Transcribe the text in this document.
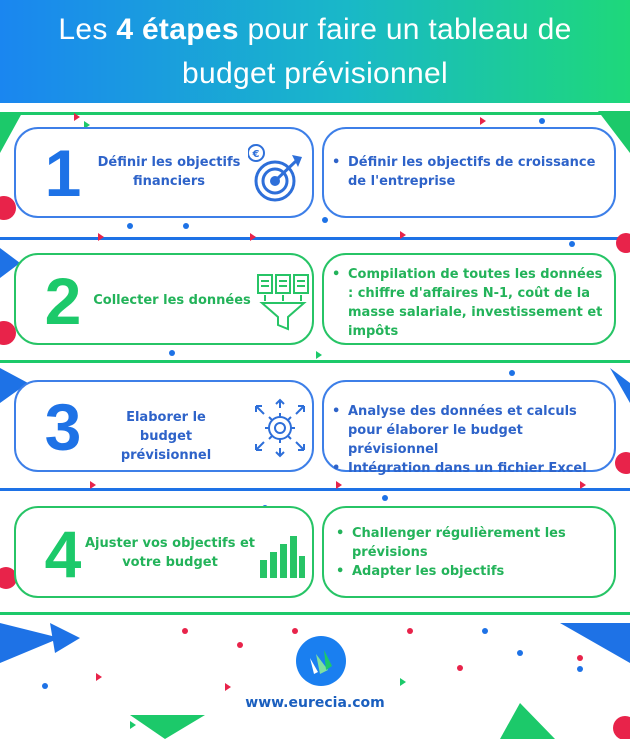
Les 4 étapes pour faire un tableau de
budget prévisionnel
1	Définir les objectifs financiers
€
• Définir les objectifs de croissance de l'entreprise
2 Collecter les données
• Compilation de toutes les données : chiffre d'affaires N-1, coût de la masse salariale, investissement et impôts
3	Elaborer le budget prévisionnel
• Analyse des données et calculs pour élaborer le budget prévisionnel
• Intégration dans un fichier Excel
4 Ajuster vos objectifs et votre budget
• Challenger régulièrement les prévisions
• Adapter les objectifs
www.eurecia.com
